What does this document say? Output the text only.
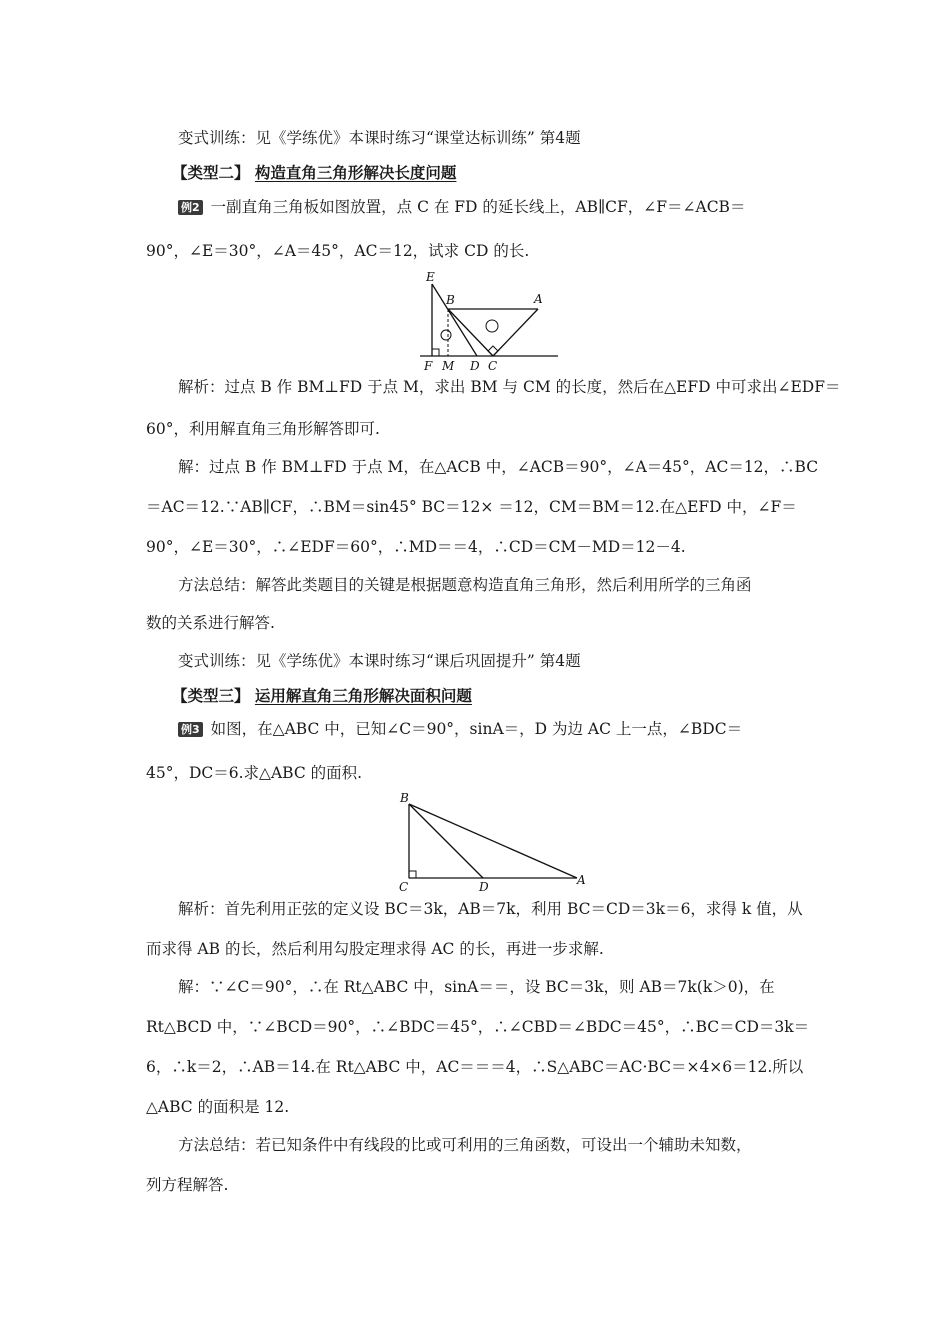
变式训练：见《学练优》本课时练习“课堂达标训练” 第4题
【类型二】 构造直角三角形解决长度问题
例2 一副直角三角板如图放置，点 C 在 FD 的延长线上，AB∥CF，∠F＝∠ACB＝
90°，∠E＝30°，∠A＝45°，AC＝12，试求 CD 的长.
E
B	A
F M D C
解析：过点 B 作 BM⊥FD 于点 M，求出 BM 与 CM 的长度，然后在△EFD 中可求出∠EDF＝
60°，利用解直角三角形解答即可.
解：过点 B 作 BM⊥FD 于点 M，在△ACB 中，∠ACB＝90°，∠A＝45°，AC＝12，∴BC
＝AC＝12.∵AB∥CF，∴BM＝sin45° BC＝12× ＝12，CM＝BM＝12.在△EFD 中，∠F＝
90°，∠E＝30°，∴∠EDF＝60°，∴MD＝＝4，∴CD＝CM－MD＝12－4.
方法总结：解答此类题目的关键是根据题意构造直角三角形，然后利用所学的三角函
数的关系进行解答.
变式训练：见《学练优》本课时练习“课后巩固提升” 第4题
【类型三】 运用解直角三角形解决面积问题
例3 如图，在△ABC 中，已知∠C＝90°，sinA＝，D 为边 AC 上一点，∠BDC＝
45°，DC＝6.求△ABC 的面积.
B
C	D	A
解析：首先利用正弦的定义设 BC＝3k，AB＝7k，利用 BC＝CD＝3k＝6，求得 k 值，从
而求得 AB 的长，然后利用勾股定理求得 AC 的长，再进一步求解.
解：∵∠C＝90°，∴在 Rt△ABC 中，sinA＝＝，设 BC＝3k，则 AB＝7k(k＞0)，在
Rt△BCD 中，∵∠BCD＝90°，∴∠BDC＝45°，∴∠CBD＝∠BDC＝45°，∴BC＝CD＝3k＝
6，∴k＝2，∴AB＝14.在 Rt△ABC 中，AC＝＝＝4，∴S△ABC＝AC·BC＝×4×6＝12.所以
△ABC 的面积是 12.
方法总结：若已知条件中有线段的比或可利用的三角函数，可设出一个辅助未知数，
列方程解答.
